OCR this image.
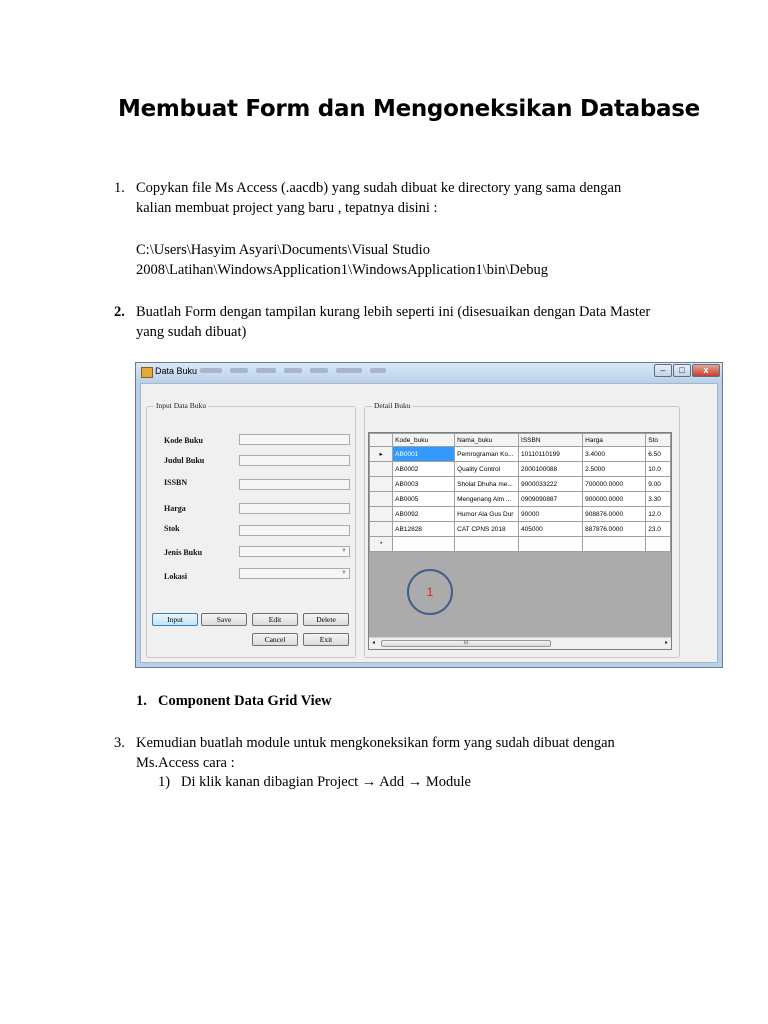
Membuat Form dan Mengoneksikan Database
1. Copykan file Ms Access (.aacdb) yang sudah dibuat ke directory yang sama dengan
kalian membuat project yang baru , tepatnya disini :
C:\Users\Hasyim Asyari\Documents\Visual Studio
2008\Latihan\WindowsApplication1\WindowsApplication1\bin\Debug
2. Buatlah Form dengan tampilan kurang lebih seperti ini (disesuaikan dengan Data Master
yang sudah dibuat)
Data Buku	–	□	x
Input Data Buku
Kode Buku
Judul Buku
ISSBN
Harga
Stok
Jenis Buku	▼
Lokasi	▼
Input	Save	Edit	Delete
Cancel	Exit
Detail Buku
	Kode_buku	Nama_buku	ISSBN	Harga	Sto
▸	AB0001	Pemrograman Ko...	10110110199	3.4000	6.50
	AB0002	Quality Control	2000100088	2.5000	10.0
	AB0003	Sholat Dhuha me...	9000033222	700000.0000	9.00
	AB0005	Mengenang Alm ...	0909090887	900000.0000	3.30
	AB0092	Humor Ala Gus Dur	90000	908876.0000	12.0
	AB12828	CAT CPNS 2018	405000	887876.0000	23.0
*					
◂	III	▸
1
1. Component Data Grid View
3. Kemudian buatlah module untuk mengkoneksikan form yang sudah dibuat dengan
Ms.Access cara :
1) Di klik kanan dibagian Project → Add → Module
